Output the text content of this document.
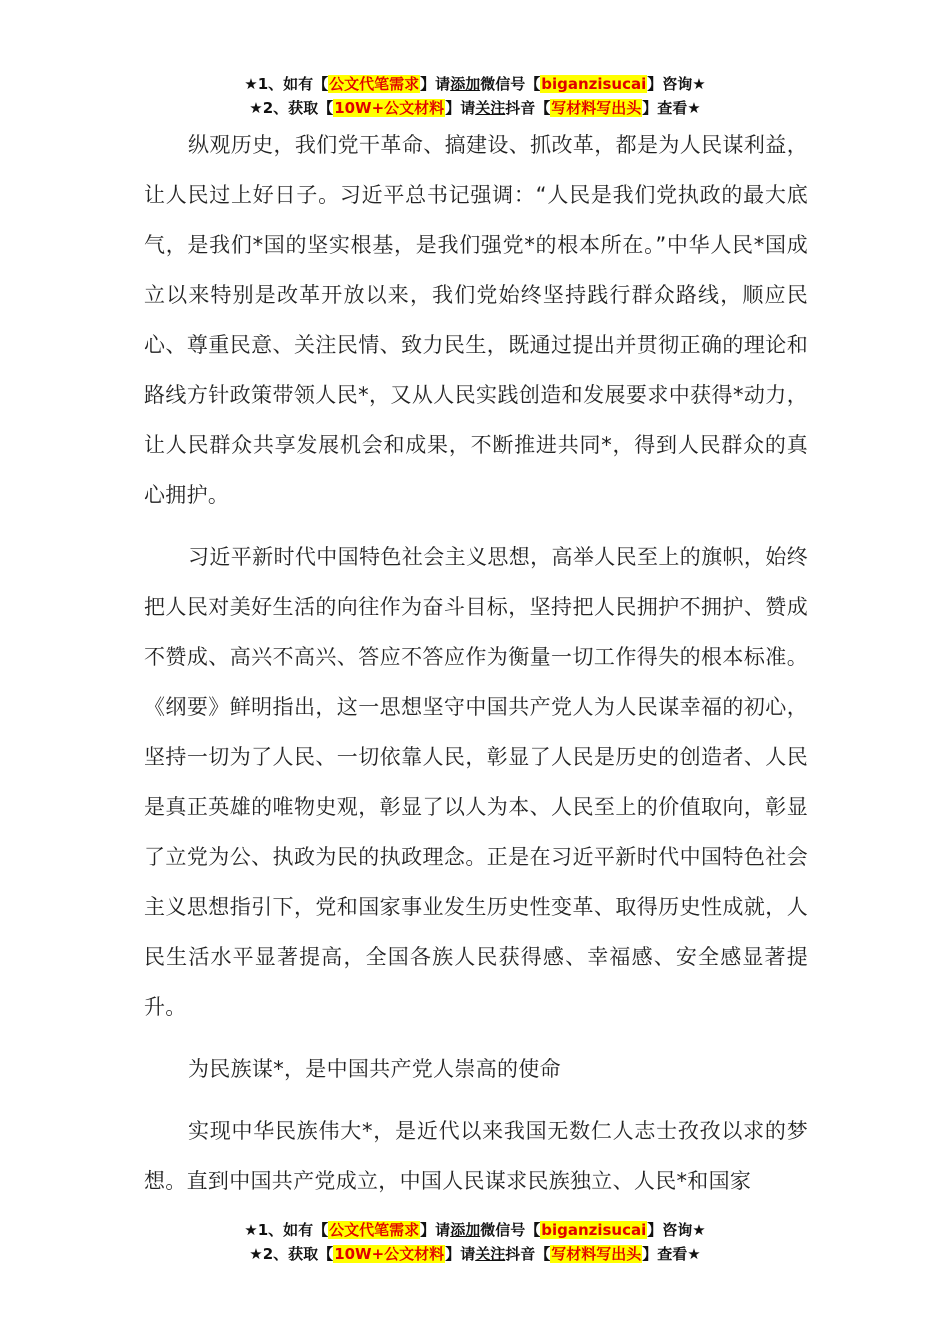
★1、如有【公文代笔需求】请添加微信号【biganzisucai】咨询★
★2、获取【10W+公文材料】请关注抖音【写材料写出头】查看★

纵观历史，我们党干革命、搞建设、抓改革，都是为人民谋利益，让人民过上好日子。习近平总书记强调：“人民是我们党执政的最大底气，是我们*国的坚实根基，是我们强党*的根本所在。”中华人民*国成立以来特别是改革开放以来，我们党始终坚持践行群众路线，顺应民心、尊重民意、关注民情、致力民生，既通过提出并贯彻正确的理论和路线方针政策带领人民*，又从人民实践创造和发展要求中获得*动力，让人民群众共享发展机会和成果，不断推进共同*，得到人民群众的真心拥护。

习近平新时代中国特色社会主义思想，高举人民至上的旗帜，始终把人民对美好生活的向往作为奋斗目标，坚持把人民拥护不拥护、赞成不赞成、高兴不高兴、答应不答应作为衡量一切工作得失的根本标准。《纲要》鲜明指出，这一思想坚守中国共产党人为人民谋幸福的初心，坚持一切为了人民、一切依靠人民，彰显了人民是历史的创造者、人民是真正英雄的唯物史观，彰显了以人为本、人民至上的价值取向，彰显了立党为公、执政为民的执政理念。正是在习近平新时代中国特色社会主义思想指引下，党和国家事业发生历史性变革、取得历史性成就，人民生活水平显著提高，全国各族人民获得感、幸福感、安全感显著提升。

为民族谋*，是中国共产党人崇高的使命

实现中华民族伟大*，是近代以来我国无数仁人志士孜孜以求的梦想。直到中国共产党成立，中国人民谋求民族独立、人民*和国家

★1、如有【公文代笔需求】请添加微信号【biganzisucai】咨询★
★2、获取【10W+公文材料】请关注抖音【写材料写出头】查看★
